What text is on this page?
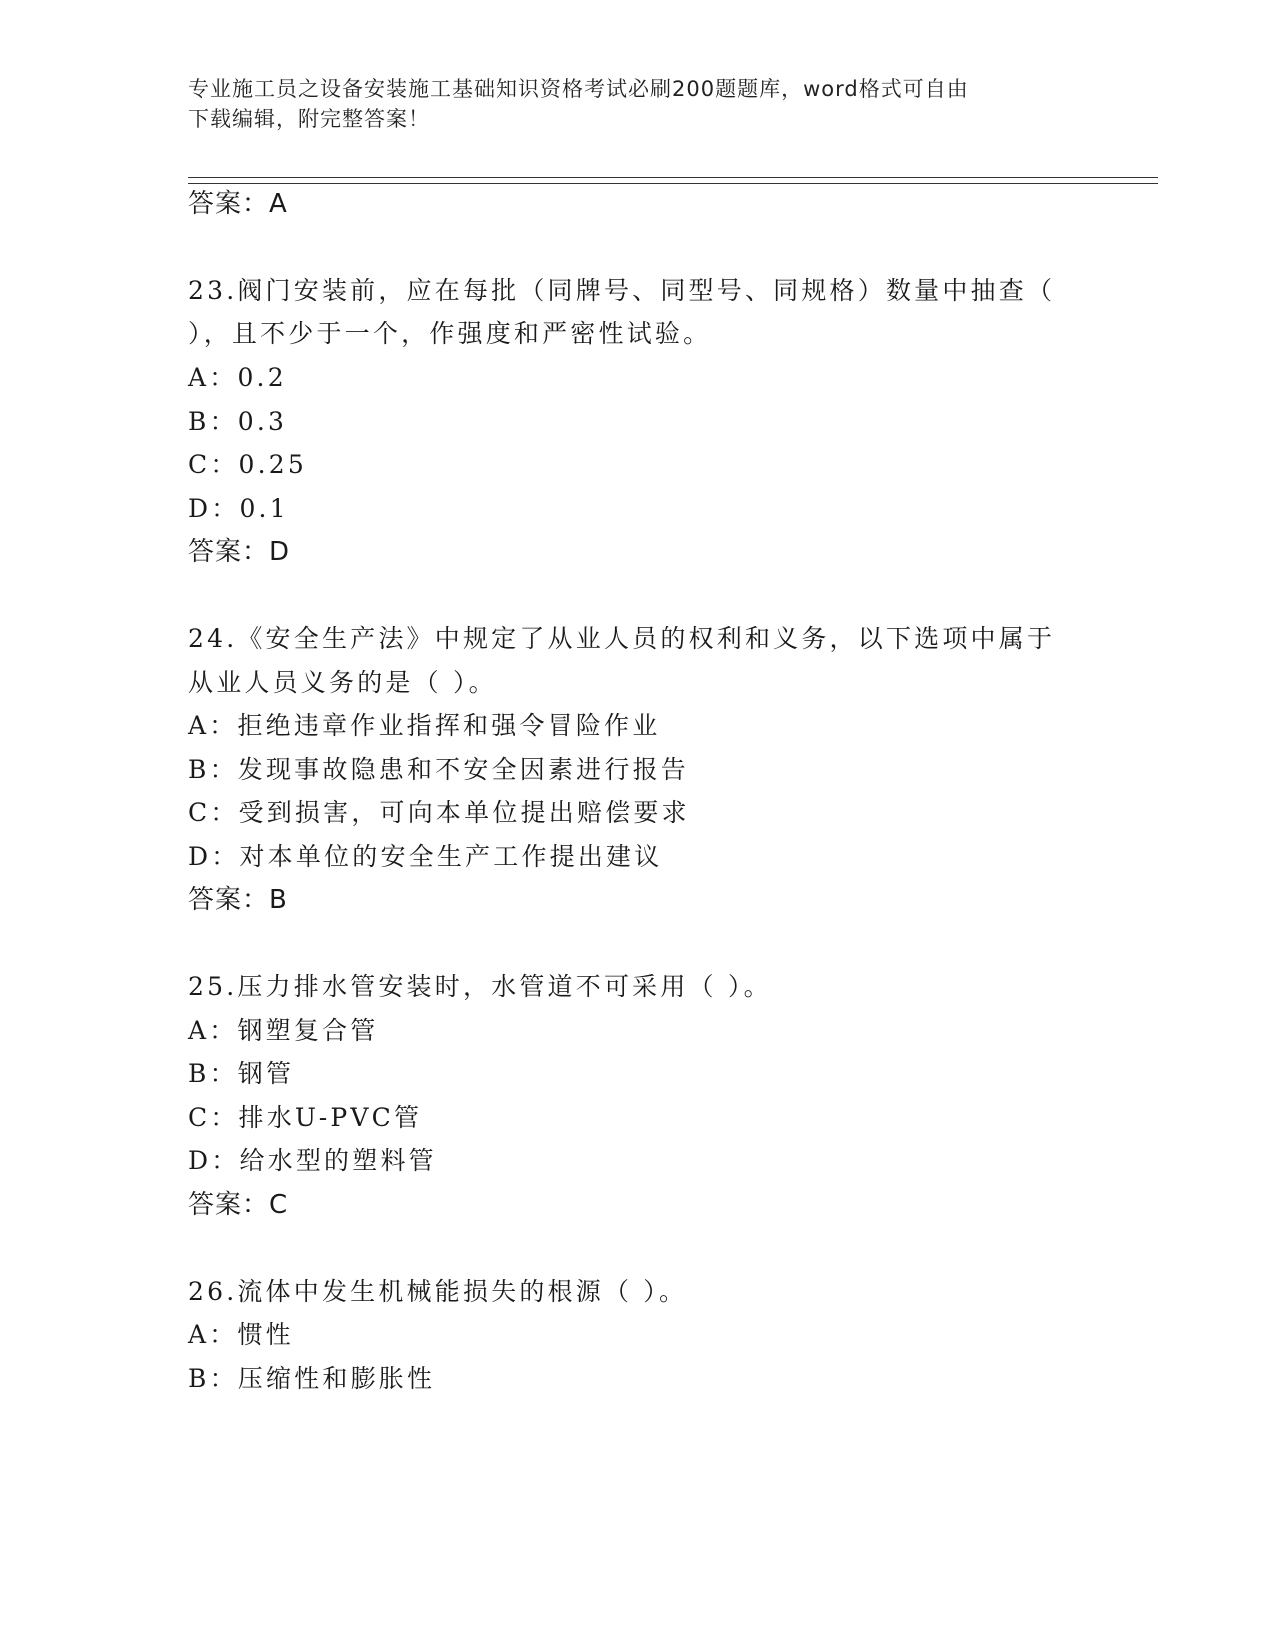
专业施工员之设备安装施工基础知识资格考试必刷200题题库，word格式可自由
下载编辑，附完整答案！
答案：A
23.阀门安装前，应在每批（同牌号、同型号、同规格）数量中抽查（
），且不少于一个，作强度和严密性试验。
A：0.2
B：0.3
C：0.25
D：0.1
答案：D
24.《安全生产法》中规定了从业人员的权利和义务，以下选项中属于
从业人员义务的是（ ）。
A：拒绝违章作业指挥和强令冒险作业
B：发现事故隐患和不安全因素进行报告
C：受到损害，可向本单位提出赔偿要求
D：对本单位的安全生产工作提出建议
答案：B
25.压力排水管安装时，水管道不可采用（ ）。
A：钢塑复合管
B：钢管
C：排水U-PVC管
D：给水型的塑料管
答案：C
26.流体中发生机械能损失的根源（ ）。
A：惯性
B：压缩性和膨胀性
